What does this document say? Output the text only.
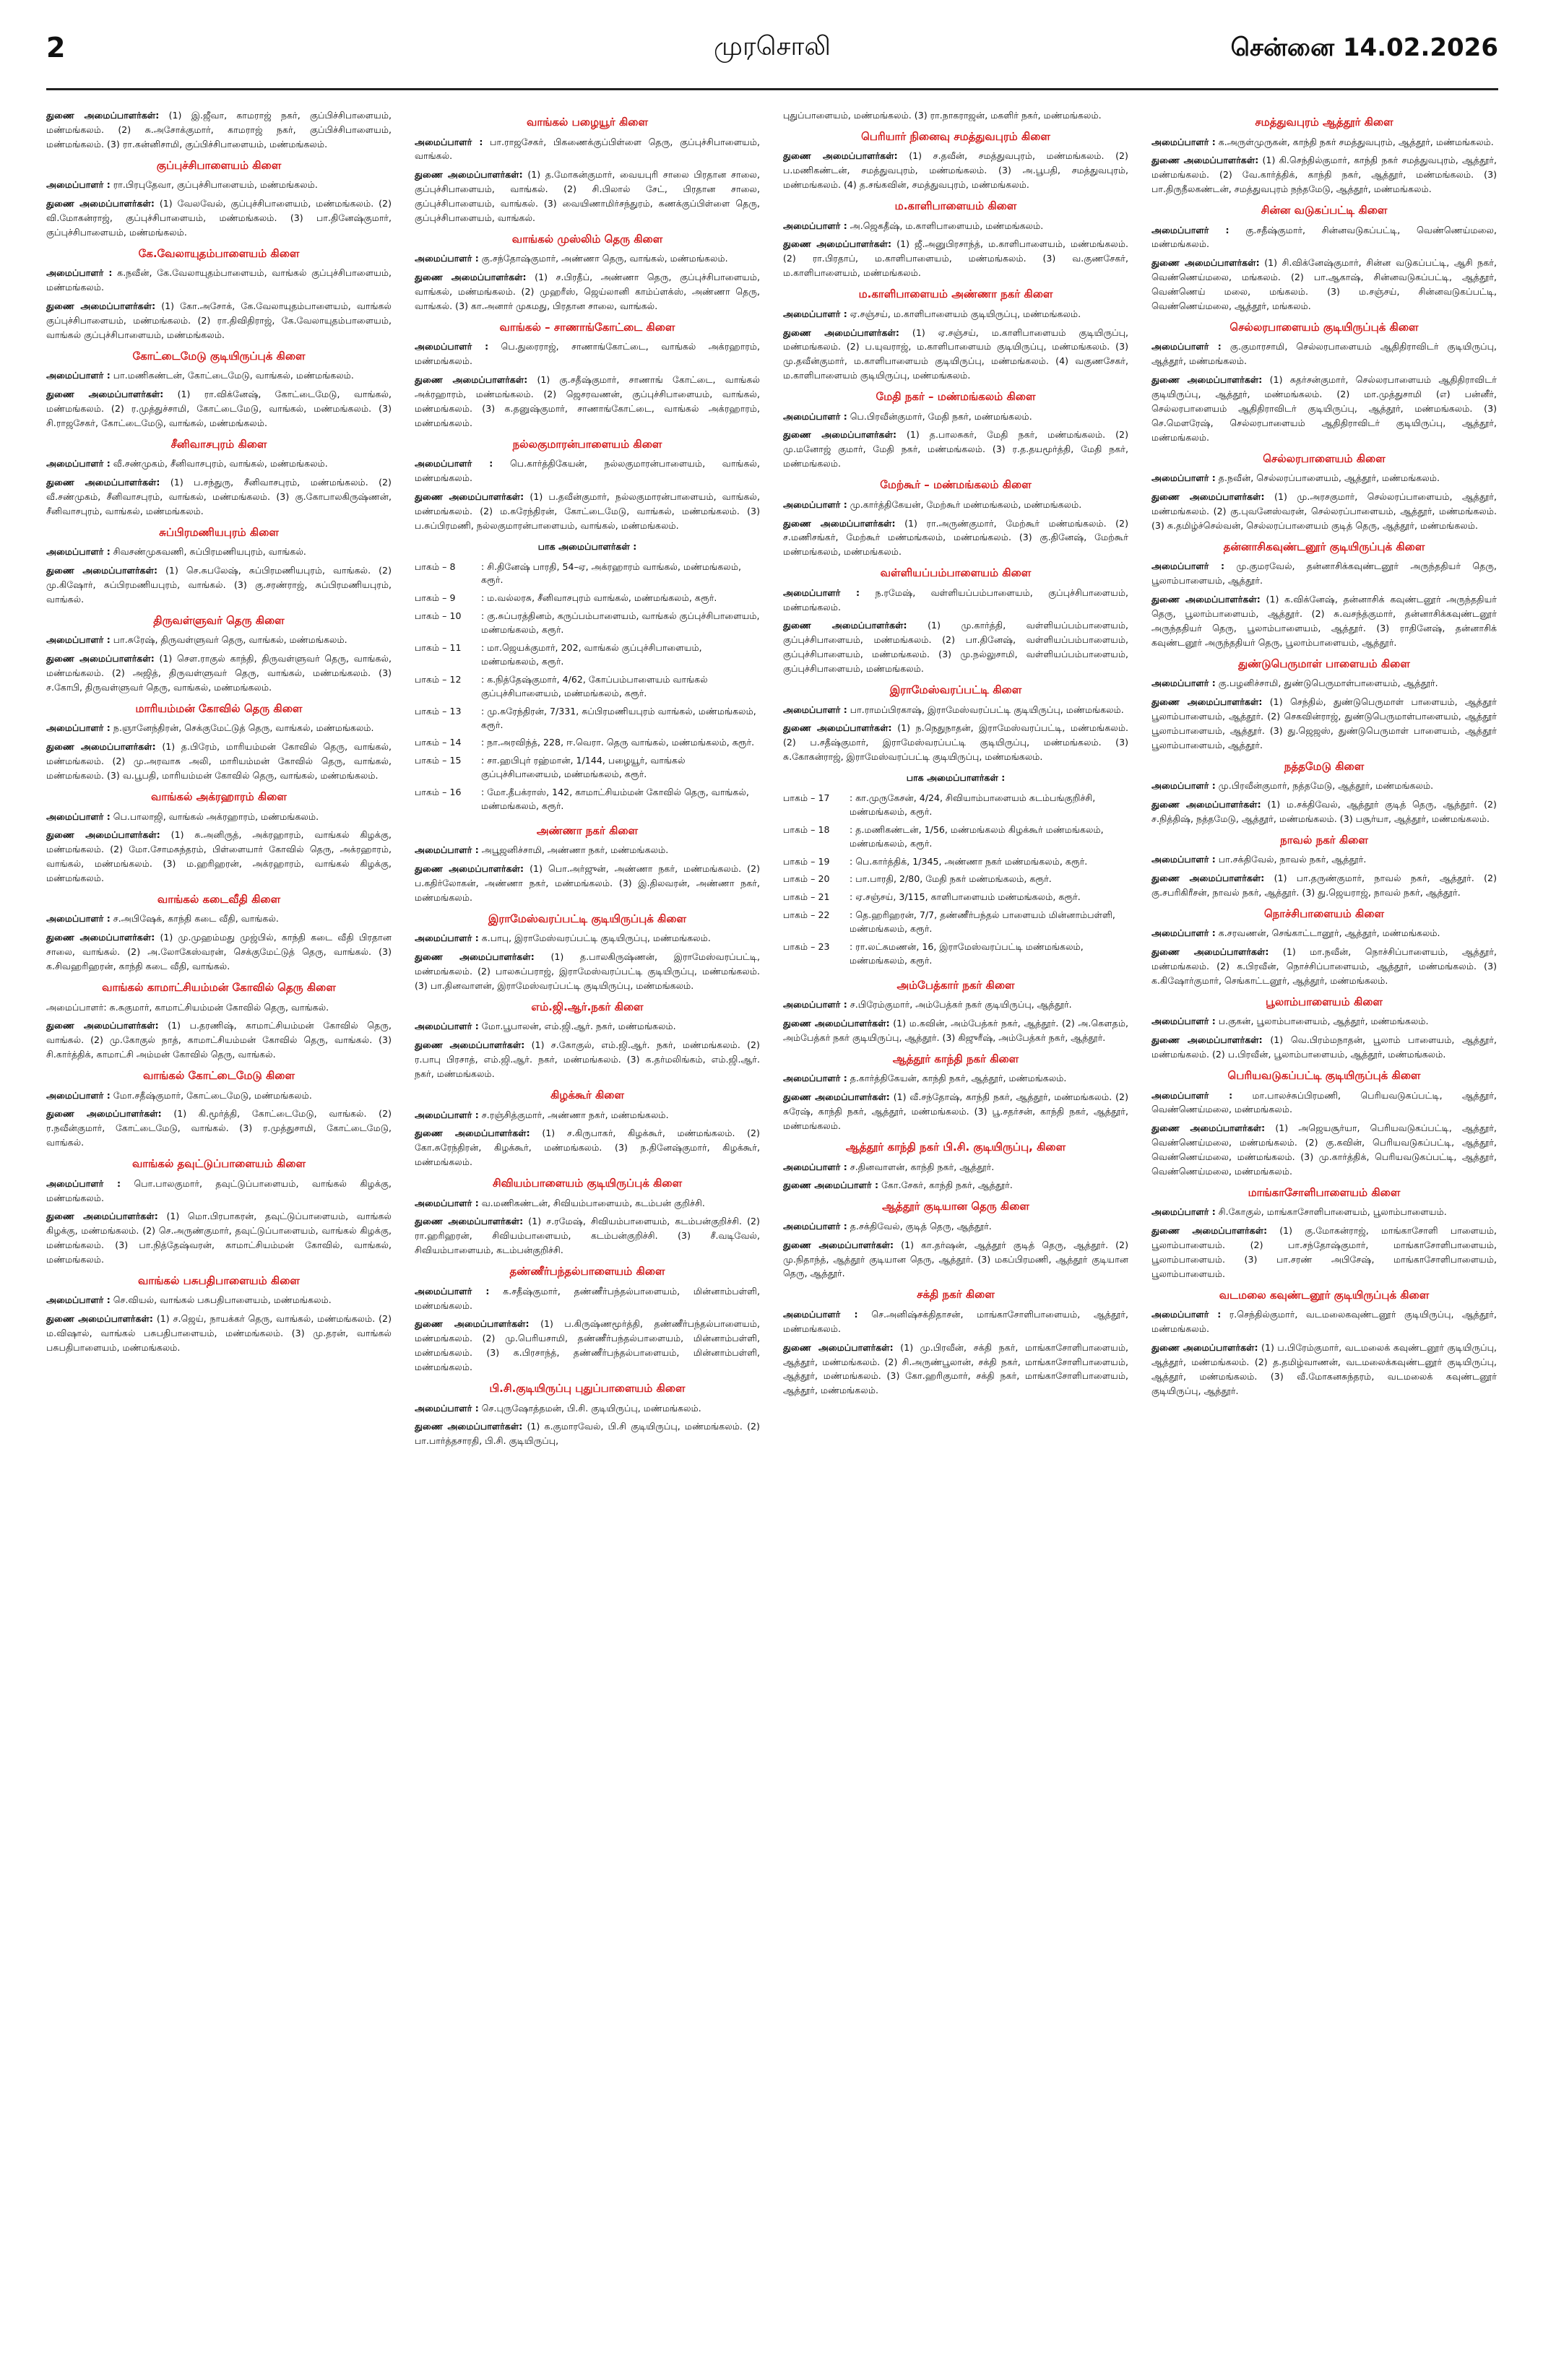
2	முரசொலி	சென்னை 14.02.2026

துணை அமைப்பாளர்கள்: (1) இ.ஜீவா, காமராஜ் நகர், குப்பிச்சிபாளையம், மண்மங்கலம். (2) சு.அசோக்குமார், காமராஜ் நகர், குப்பிச்சிபாளையம், மண்மங்கலம். (3) ரா.கன்னிசாமி, குப்பிச்சிபாளையம், மண்மங்கலம்.

குப்புச்சிபாளையம் கிளை

அமைப்பாளர் : ரா.பிரபுதேவா, குப்புச்சிபாளையம், மண்மங்கலம்.

துணை அமைப்பாளர்கள்: (1) வேலவேல், குப்புச்சிபாளையம், மண்மங்கலம். (2) வி.மோகன்ராஜ், குப்புச்சிபாளையம், மண்மங்கலம். (3) பா.தினேஷ்குமார், குப்புச்சிபாளையம், மண்மங்கலம்.

கே.வேலாயுதம்பாளையம் கிளை

அமைப்பாளர் : க.நவீன், கே.வேலாயுதம்பாளையம், வாங்கல் குப்புச்சிபாளையம், மண்மங்கலம்.

துணை அமைப்பாளர்கள்: (1) கோ.அசோக், கே.வேலாயுதம்பாளையம், வாங்கல் குப்புச்சிபாளையம், மண்மங்கலம். (2) ரா.திவிதிராஜ், கே.வேலாயுதம்பாளையம், வாங்கல் குப்புச்சிபாளையம், மண்மங்கலம்.

கோட்டைமேடு குடியிருப்புக் கிளை

அமைப்பாளர் : பா.மணிகண்டன், கோட்டைமேடு, வாங்கல், மண்மங்கலம்.

துணை அமைப்பாளர்கள்: (1) ரா.விக்னேஷ், கோட்டைமேடு, வாங்கல், மண்மங்கலம். (2) ர.முத்துச்சாமி, கோட்டைமேடு, வாங்கல், மண்மங்கலம். (3) சி.ராஜசேகர், கோட்டைமேடு, வாங்கல், மண்மங்கலம்.

சீனிவாசபுரம் கிளை

அமைப்பாளர் : வீ.சண்முகம், சீனிவாசபுரம், வாங்கல், மண்மங்கலம்.

துணை அமைப்பாளர்கள்: (1) ப.சந்துரு, சீனிவாசபுரம், மண்மங்கலம். (2) வீ.சண்முகம், சீனிவாசபுரம், வாங்கல், மண்மங்கலம். (3) கு.கோபாலகிருஷ்ணன், சீனிவாசபுரம், வாங்கல், மண்மங்கலம்.

சுப்பிரமணியபுரம் கிளை

அமைப்பாளர் : சிவசண்முகவணி, சுப்பிரமணியபுரம், வாங்கல்.

துணை அமைப்பாளர்கள்: (1) செ.சுபலேஷ், சுப்பிரமணியபுரம், வாங்கல். (2) மு.கிஷோர், சுப்பிரமணியபுரம், வாங்கல். (3) கு.சரண்ராஜ், சுப்பிரமணியபுரம், வாங்கல்.

திருவள்ளுவர் தெரு கிளை

அமைப்பாளர் : பா.சுரேஷ், திருவள்ளுவர் தெரு, வாங்கல், மண்மங்கலம்.

துணை அமைப்பாளர்கள்: (1) சௌ.ராகுல் காந்தி, திருவள்ளுவர் தெரு, வாங்கல், மண்மங்கலம். (2) அஜித், திருவள்ளுவர் தெரு, வாங்கல், மண்மங்கலம். (3) ச.கோபி, திருவள்ளுவர் தெரு, வாங்கல், மண்மங்கலம்.

மாரியம்மன் கோவில் தெரு கிளை

அமைப்பாளர் : ந.ஞானேந்திரன், செக்குமேட்டுத் தெரு, வாங்கல், மண்மங்கலம்.

துணை அமைப்பாளர்கள்: (1) த.பிரேம், மாரியம்மன் கோவில் தெரு, வாங்கல், மண்மங்கலம். (2) மு.அரவாசு அலி, மாரியம்மன் கோவில் தெரு, வாங்கல், மண்மங்கலம். (3) வ.பூபதி, மாரியம்மன் கோவில் தெரு, வாங்கல், மண்மங்கலம்.

வாங்கல் அக்ரஹாரம் கிளை

அமைப்பாளர் : பெ.பாலாஜி, வாங்கல் அக்ரஹாரம், மண்மங்கலம்.

துணை அமைப்பாளர்கள்: (1) சு.அனிருத், அக்ரஹாரம், வாங்கல் கிழக்கு, மண்மங்கலம். (2) மோ.சோமசுந்தரம், பிள்ளையார் கோவில் தெரு, அக்ரஹாரம், வாங்கல், மண்மங்கலம். (3) ம.ஹரிஹரன், அக்ரஹாரம், வாங்கல் கிழக்கு, மண்மங்கலம்.

வாங்கல் கடைவீதி கிளை

அமைப்பாளர் : ச.அபிஷேக், காந்தி கடை வீதி, வாங்கல்.

துணை அமைப்பாளர்கள்: (1) மு.முஹம்மது முஜ்பில், காந்தி கடை வீதி பிரதான சாலை, வாங்கல். (2) அ.லோகேஸ்வரன், செக்குமேட்டுத் தெரு, வாங்கல். (3) க.சிவஹரிஹரன், காந்தி கடை வீதி, வாங்கல்.

வாங்கல் காமாட்சியம்மன் கோவில் தெரு கிளை

அமைப்பாளர்: சு.சுகுமார், காமாட்சியம்மன் கோவில் தெரு, வாங்கல்.

துணை அமைப்பாளர்கள்: (1) ப.தரணிஷ், காமாட்சியம்மன் கோவில் தெரு, வாங்கல். (2) மு.கோகுல் நாத், காமாட்சியம்மன் கோவில் தெரு, வாங்கல். (3) சி.கார்த்திக், காமாட்சி அம்மன் கோவில் தெரு, வாங்கல்.

வாங்கல் கோட்டைமேடு கிளை

அமைப்பாளர் : மோ.சதீஷ்குமார், கோட்டைமேடு, மண்மங்கலம்.

துணை அமைப்பாளர்கள்: (1) கி.மூர்த்தி, கோட்டைமேடு, வாங்கல். (2) ர.நவீன்குமார், கோட்டைமேடு, வாங்கல். (3) ர.முத்துசாமி, கோட்டைமேடு, வாங்கல்.

வாங்கல் தவுட்டுப்பாளையம் கிளை

அமைப்பாளர் : பொ.பாலகுமார், தவுட்டுப்பாளையம், வாங்கல் கிழக்கு, மண்மங்கலம்.

துணை அமைப்பாளர்கள்: (1) மொ.பிரபாகரன், தவுட்டுப்பாளையம், வாங்கல் கிழக்கு, மண்மங்கலம். (2) செ.அருண்குமார், தவுட்டுப்பாளையம், வாங்கல் கிழக்கு, மண்மங்கலம். (3) பா.நித்தேஷ்வரன், காமாட்சியம்மன் கோவில், வாங்கல், மண்மங்கலம்.

வாங்கல் பசுபதிபாளையம் கிளை

அமைப்பாளர் : செ.வியல், வாங்கல் பசுபதிபாளையம், மண்மங்கலம்.

துணை அமைப்பாளர்கள்: (1) ச.ஜெய், நாயக்கர் தெரு, வாங்கல், மண்மங்கலம். (2) ம.விஷால், வாங்கல் பசுபதிபாளையம், மண்மங்கலம். (3) மு.தரன், வாங்கல் பசுபதிபாளையம், மண்மங்கலம்.

வாங்கல் பழையூர் கிளை

அமைப்பாளர் : பா.ராஜசேகர், பிகணைக்குப்பிள்ளை தெரு, குப்புச்சிபாளையம், வாங்கல்.

துணை அமைப்பாளர்கள்: (1) த.மோகன்குமார், வையபுரி சாலை பிரதான சாலை, குப்புச்சிபாளையம், வாங்கல். (2) சி.பிலால் சேட், பிரதான சாலை, குப்புச்சிபாளையம், வாங்கல். (3) வையிணாமிர்சந்துரம், கணக்குப்பிள்ளை தெரு, குப்புச்சிபாளையம், வாங்கல்.

வாங்கல் முஸ்லிம் தெரு கிளை

அமைப்பாளர் : கு.சந்தோஷ்குமார், அண்ணா தெரு, வாங்கல், மண்மங்கலம்.

துணை அமைப்பாளர்கள்: (1) ச.பிரதீப், அண்ணா தெரு, குப்புச்சிபாளையம், வாங்கல், மண்மங்கலம். (2) முஹரீஸ், ஜெய்லானி காம்ப்ளக்ஸ், அண்ணா தெரு, வாங்கல். (3) கா.அனார் முகமது, பிரதான சாலை, வாங்கல்.

வாங்கல் – சாணாங்கோட்டை கிளை

அமைப்பாளர் : பெ.துரைராஜ், சாணாங்கோட்டை, வாங்கல் அக்ரஹாரம், மண்மங்கலம்.

துணை அமைப்பாளர்கள்: (1) கு.சதீஷ்குமார், சாணாங் கோட்டை, வாங்கல் அக்ரஹாரம், மண்மங்கலம். (2) ஜெசரவணன், குப்புச்சிபாளையம், வாங்கல், மண்மங்கலம். (3) க.தனுஷ்குமார், சாணாங்கோட்டை, வாங்கல் அக்ரஹாரம், மண்மங்கலம்.

நல்லகுமாரன்பாளையம் கிளை

அமைப்பாளர் : பெ.கார்த்திகேயன், நல்லகுமாரன்பாளையம், வாங்கல், மண்மங்கலம்.

துணை அமைப்பாளர்கள்: (1) ப.தவீன்குமார், நல்லகுமாரன்பாளையம், வாங்கல், மண்மங்கலம். (2) ம.சுரேந்திரன், கோட்டைமேடு, வாங்கல், மண்மங்கலம். (3) ப.சுப்பிரமணி, நல்லகுமாரன்பாளையம், வாங்கல், மண்மங்கலம்.

பாக அமைப்பாளர்கள் :
பாகம் – 8	: சி.தினேஷ் பாரதி, 54–ஏ, அக்ரஹாரம் வாங்கல், மண்மங்கலம், கரூர்.
பாகம் – 9	: ம.வல்லரசு, சீனிவாசபுரம் வாங்கல், மண்மங்கலம், கரூர்.
பாகம் – 10	: கு.சுப்பரத்தினம், கருப்பம்பாளையம், வாங்கல் குப்புச்சிபாளையம், மண்மங்கலம், கரூர்.
பாகம் – 11	: மா.ஜெயக்குமார், 202, வாங்கல் குப்புச்சிபாளையம், மண்மங்கலம், கரூர்.
பாகம் – 12	: க.நித்தேஷ்குமார், 4/62, கோப்பம்பாளையம் வாங்கல் குப்புச்சிபாளையம், மண்மங்கலம், கரூர்.
பாகம் – 13	: மு.சுரேந்திரன், 7/331, சுப்பிரமணியபுரம் வாங்கல், மண்மங்கலம், கரூர்.
பாகம் – 14	: நா.அரவிந்த், 228, ஈ.வெரா. தெரு வாங்கல், மண்மங்கலம், கரூர்.
பாகம் – 15	: சா.ஹபிபுர் ரஹ்மான், 1/144, பழையூர், வாங்கல் குப்புச்சிபாளையம், மண்மங்கலம், கரூர்.
பாகம் – 16	: மோ.தீபக்ராஸ், 142, காமாட்சியம்மன் கோவில் தெரு, வாங்கல், மண்மங்கலம், கரூர்.
அண்ணா நகர் கிளை

அமைப்பாளர் : அபூஜனிச்சாமி, அண்ணா நகர், மண்மங்கலம்.

துணை அமைப்பாளர்கள்: (1) பொ.அர்ஜுன், அண்ணா நகர், மண்மங்கலம். (2) ப.கதிர்லோகன், அண்ணா நகர், மண்மங்கலம். (3) இ.திலவரன், அண்ணா நகர், மண்மங்கலம்.

இராமேஸ்வரப்பட்டி குடியிருப்புக் கிளை

அமைப்பாளர் : க.பாபு, இராமேஸ்வரப்பட்டி குடியிருப்பு, மண்மங்கலம்.

துணை அமைப்பாளர்கள்: (1) த.பாலகிருஷ்ணன், இராமேஸ்வரப்பட்டி, மண்மங்கலம். (2) பாலசுப்பராஜ், இராமேஸ்வரப்பட்டி குடியிருப்பு, மண்மங்கலம். (3) பா.தினவாளன், இராமேஸ்வரப்பட்டி குடியிருப்பு, மண்மங்கலம்.

எம்.ஜி.ஆர்.நகர் கிளை

அமைப்பாளர் : மோ.பூபாலன், எம்.ஜி.ஆர். நகர், மண்மங்கலம்.

துணை அமைப்பாளர்கள்: (1) ச.கோகுல், எம்.ஜி.ஆர். நகர், மண்மங்கலம். (2) ர.பாபு பிரசாத், எம்.ஜி.ஆர். நகர், மண்மங்கலம். (3) க.தர்மலிங்கம், எம்.ஜி.ஆர். நகர், மண்மங்கலம்.

கிழக்கூர் கிளை

அமைப்பாளர் : ச.ரஞ்சித்குமார், அண்ணா நகர், மண்மங்கலம்.

துணை அமைப்பாளர்கள்: (1) ச.கிருபாகர், கிழக்கூர், மண்மங்கலம். (2) கோ.சுரேந்திரன், கிழக்கூர், மண்மங்கலம். (3) ந.தினேஷ்குமார், கிழக்கூர், மண்மங்கலம்.

சிவியம்பாளையம் குடியிருப்புக் கிளை

அமைப்பாளர் : வ.மணிகண்டன், சிவியம்பாளையம், கடம்பன் குறிச்சி.

துணை அமைப்பாளர்கள்: (1) ச.ரமேஷ், சிவியம்பாளையம், கடம்பன்குறிச்சி. (2) ரா.ஹரிஹரன், சிவியம்பாளையம், கடம்பன்குறிச்சி. (3) சீ.வடிவேல், சிவியம்பாளையம், கடம்பன்குறிச்சி.

தண்ணீர்பந்தல்பாளையம் கிளை

அமைப்பாளர் : க.சதீஷ்குமார், தண்ணீர்பந்தல்பாளையம், மின்னாம்பள்ளி, மண்மங்கலம்.

துணை அமைப்பாளர்கள்: (1) ப.கிருஷ்ணமூர்த்தி, தண்ணீர்பந்தல்பாளையம், மண்மங்கலம். (2) மு.பெரியசாமி, தண்ணீர்பந்தல்பாளையம், மின்னாம்பள்ளி, மண்மங்கலம். (3) க.பிரசாந்த், தண்ணீர்பந்தல்பாளையம், மின்னாம்பள்ளி, மண்மங்கலம்.

பி.சி.குடியிருப்பு புதுப்பாளையம் கிளை

அமைப்பாளர் : செ.புருஷோத்தமன், பி.சி. குடியிருப்பு, மண்மங்கலம்.

துணை அமைப்பாளர்கள்: (1) க.குமாரவேல், பி.சி குடியிருப்பு, மண்மங்கலம். (2) பா.பார்த்தசாரதி, பி.சி. குடியிருப்பு,

புதுப்பாளையம், மண்மங்கலம். (3) ரா.நாகராஜன், மகளிர் நகர், மண்மங்கலம்.

பெரியார் நினைவு சமத்துவபுரம் கிளை

துணை அமைப்பாளர்கள்: (1) ச.தவீன், சமத்துவபுரம், மண்மங்கலம். (2) ப.மணிகண்டன், சமத்துவபுரம், மண்மங்கலம். (3) அ.பூபதி, சமத்துவபுரம், மண்மங்கலம். (4) த.சங்கவின், சமத்துவபுரம், மண்மங்கலம்.

ம.காளிபாளையம் கிளை

அமைப்பாளர் : அ.ஜெகதீஷ், ம.காளிபாளையம், மண்மங்கலம்.

துணை அமைப்பாளர்கள்: (1) ஜீ.அனுபிரசாந்த், ம.காளிபாளையம், மண்மங்கலம். (2) ரா.பிரதாப், ம.காளிபாளையம், மண்மங்கலம். (3) வ.குணசேகர், ம.காளிபாளையம், மண்மங்கலம்.

ம.காளிபாளையம் அண்ணா நகர் கிளை

அமைப்பாளர் : ஏ.சஞ்சய், ம.காளிபாளையம் குடியிருப்பு, மண்மங்கலம்.

துணை அமைப்பாளர்கள்: (1) ஏ.சஞ்சய், ம.காளிபாளையம் குடியிருப்பு, மண்மங்கலம். (2) ப.யுவராஜ், ம.காளிபாளையம் குடியிருப்பு, மண்மங்கலம். (3) மு.தவீன்குமார், ம.காளிபாளையம் குடியிருப்பு, மண்மங்கலம். (4) வகுணசேகர், ம.காளிபாளையம் குடியிருப்பு, மண்மங்கலம்.

மேதி நகர் – மண்மங்கலம் கிளை

அமைப்பாளர் : பெ.பிரவீன்குமார், மேதி நகர், மண்மங்கலம்.

துணை அமைப்பாளர்கள்: (1) த.பாலசுகர், மேதி நகர், மண்மங்கலம். (2) மு.மனோஜ் குமார், மேதி நகர், மண்மங்கலம். (3) ர.த.தயமூர்த்தி, மேதி நகர், மண்மங்கலம்.

மேற்கூர் – மண்மங்கலம் கிளை

அமைப்பாளர் : மு.கார்த்திகேயன், மேற்கூர் மண்மங்கலம், மண்மங்கலம்.

துணை அமைப்பாளர்கள்: (1) ரா.அருண்குமார், மேற்கூர் மண்மங்கலம். (2) ச.மணிசங்கர், மேற்கூர் மண்மங்கலம், மண்மங்கலம். (3) கு.தினேஷ், மேற்கூர் மண்மங்கலம், மண்மங்கலம்.

வள்ளியப்பம்பாளையம் கிளை

அமைப்பாளர் : ந.ரமேஷ், வள்ளியப்பம்பாளையம், குப்புச்சிபாளையம், மண்மங்கலம்.

துணை அமைப்பாளர்கள்: (1) மு.கார்த்தி, வள்ளியப்பம்பாளையம், குப்புச்சிபாளையம், மண்மங்கலம். (2) பா.தினேஷ், வள்ளியப்பம்பாளையம், குப்புச்சிபாளையம், மண்மங்கலம். (3) மு.நல்லுசாமி, வள்ளியப்பம்பாளையம், குப்புச்சிபாளையம், மண்மங்கலம்.

இராமேஸ்வரப்பட்டி கிளை

அமைப்பாளர் : பா.ராமப்பிரகாஷ், இராமேஸ்வரப்பட்டி குடியிருப்பு, மண்மங்கலம்.

துணை அமைப்பாளர்கள்: (1) ந.நெதுநாதன், இராமேஸ்வரப்பட்டி, மண்மங்கலம். (2) ப.சதீஷ்குமார், இராமேஸ்வரப்பட்டி குடியிருப்பு, மண்மங்கலம். (3) சு.கோகன்ராஜ், இராமேஸ்வரப்பட்டி குடியிருப்பு, மண்மங்கலம்.

பாக அமைப்பாளர்கள் :
பாகம் – 17	: கா.முருகேசன், 4/24, சிவியாம்பாளையம் கடம்பங்குறிச்சி, மண்மங்கலம், கரூர்.
பாகம் – 18	: த.மணிகண்டன், 1/56, மண்மங்கலம் கிழக்கூர் மண்மங்கலம், மண்மங்கலம், கரூர்.
பாகம் – 19	: பெ.கார்த்திக், 1/345, அண்ணா நகர் மண்மங்கலம், கரூர்.
பாகம் – 20	: பா.பாரதி, 2/80, மேதி நகர் மண்மங்கலம், கரூர்.
பாகம் – 21	: ஏ.சஞ்சய், 3/115, காளிபாளையம் மண்மங்கலம், கரூர்.
பாகம் – 22	: தெ.ஹரிஹரன், 7/7, தண்ணீர்பந்தல் பாளையம் மின்னாம்பள்ளி, மண்மங்கலம், கரூர்.
பாகம் – 23	: ரா.லட்சுமணன், 16, இராமேஸ்வரப்பட்டி மண்மங்கலம், மண்மங்கலம், கரூர்.
அம்பேத்கார் நகர் கிளை

அமைப்பாளர் : ச.பிரேம்குமார், அம்பேத்கர் நகர் குடியிருப்பு, ஆத்தூர்.

துணை அமைப்பாளர்கள்: (1) ம.கவின், அம்பேத்கர் நகர், ஆத்தூர். (2) அ.கௌதம், அம்பேத்கர் நகர் குடியிருப்பு, ஆத்தூர். (3) கிஜுரீஷ், அம்பேத்கர் நகர், ஆத்தூர்.

ஆத்தூர் காந்தி நகர் கிளை

அமைப்பாளர் : த.கார்த்திகேயன், காந்தி நகர், ஆத்தூர், மண்மங்கலம்.

துணை அமைப்பாளர்கள்: (1) வீ.சந்தோஷ், காந்தி நகர், ஆத்தூர், மண்மங்கலம். (2) சுரேஷ், காந்தி நகர், ஆத்தூர், மண்மங்கலம். (3) பூ.சதர்சன், காந்தி நகர், ஆத்தூர், மண்மங்கலம்.

ஆத்தூர் காந்தி நகர் பி.சி. குடியிருப்பு, கிளை

அமைப்பாளர் : ச.தினவாளன், காந்தி நகர், ஆத்தூர்.

துணை அமைப்பாளர் : கோ.சேகர், காந்தி நகர், ஆத்தூர்.

ஆத்தூர் குடியான தெரு கிளை

அமைப்பாளர் : த.சக்திவேல், குடித் தெரு, ஆத்தூர்.

துணை அமைப்பாளர்கள்: (1) கா.தர்ஷன், ஆத்தூர் குடித் தெரு, ஆத்தூர். (2) மு.நிதாந்த், ஆத்தூர் குடியான தெரு, ஆத்தூர். (3) மகப்பிரமணி, ஆத்தூர் குடியான தெரு, ஆத்தூர்.

சக்தி நகர் கிளை

அமைப்பாளர் : செ.அனிஷ்சக்திதாசன், மாங்காசோளிபாளையம், ஆத்தூர், மண்மங்கலம்.

துணை அமைப்பாளர்கள்: (1) மு.பிரவீன், சக்தி நகர், மாங்காசோளிபாளையம், ஆத்தூர், மண்மங்கலம். (2) சி.அருண்பூலான், சக்தி நகர், மாங்காசோளிபாளையம், ஆத்தூர், மண்மங்கலம். (3) கோ.ஹரிகுமார், சக்தி நகர், மாங்காசோளிபாளையம், ஆத்தூர், மண்மங்கலம்.

சமத்துவபுரம் ஆத்தூர் கிளை

அமைப்பாளர் : க.அருள்முருகன், காந்தி நகர் சமத்துவபுரம், ஆத்தூர், மண்மங்கலம்.

துணை அமைப்பாளர்கள்: (1) கி.செந்தில்குமார், காந்தி நகர் சமத்துவபுரம், ஆத்தூர், மண்மங்கலம். (2) வே.கார்த்திக், காந்தி நகர், ஆத்தூர், மண்மங்கலம். (3) பா.திருநீலகண்டன், சமத்துவபுரம் நந்தமேடு, ஆத்தூர், மண்மங்கலம்.

சின்ன வடுகப்பட்டி கிளை

அமைப்பாளர் : கு.சதீஷ்குமார், சின்னவடுகப்பட்டி, வெண்ணெய்மலை, மண்மங்கலம்.

துணை அமைப்பாளர்கள்: (1) சி.விக்னேஷ்குமார், சின்ன வடுகப்பட்டி, ஆசி நகர், வெண்ணெய்மலை, மங்கலம். (2) பா.ஆகாஷ், சின்னவடுகப்பட்டி, ஆத்தூர், வெண்ணெய் மலை, மங்கலம். (3) ம.சஞ்சய், சின்னவடுகப்பட்டி, வெண்ணெய்மலை, ஆத்தூர், மங்கலம்.

செல்லரபாளையம் குடியிருப்புக் கிளை

அமைப்பாளர் : கு.குமாரசாமி, செல்லரபாளையம் ஆதிதிராவிடர் குடியிருப்பு, ஆத்தூர், மண்மங்கலம்.

துணை அமைப்பாளர்கள்: (1) சுதர்சன்குமார், செல்லரபாளையம் ஆதிதிராவிடர் குடியிருப்பு, ஆத்தூர், மண்மங்கலம். (2) மா.முத்துசாமி (எ) பன்னீர், செல்லரபாளையம் ஆதிதிராவிடர் குடியிருப்பு, ஆத்தூர், மண்மங்கலம். (3) செ.மௌரேஷ், செல்லரபாளையம் ஆதிதிராவிடர் குடியிருப்பு, ஆத்தூர், மண்மங்கலம்.

செல்லரபாளையம் கிளை

அமைப்பாளர் : த.நவீன், செல்லரப்பாளையம், ஆத்தூர், மண்மங்கலம்.

துணை அமைப்பாளர்கள்: (1) மு.அரசகுமார், செல்லரப்பாளையம், ஆத்தூர், மண்மங்கலம். (2) கு.புவனேஸ்வரன், செல்லரப்பாளையம், ஆத்தூர், மண்மங்கலம். (3) சு.தமிழ்ச்செல்வன், செல்லரப்பாளையம் குடித் தெரு, ஆத்தூர், மண்மங்கலம்.

தன்னாசிகவுண்டனூர் குடியிருப்புக் கிளை

அமைப்பாளர் : மு.குமரவேல், தன்னாசிக்கவுண்டனூர் அருந்ததியர் தெரு, பூலாம்பாளையம், ஆத்தூர்.

துணை அமைப்பாளர்கள்: (1) க.விக்னேஷ், தன்னாசிக் கவுண்டனூர் அருந்ததியர் தெரு, பூலாம்பாளையம், ஆத்தூர். (2) சு.வசந்த்குமார், தன்னாசிக்கவுண்டனூர் அருந்ததியர் தெரு, பூலாம்பாளையம், ஆத்தூர். (3) ராதினேஷ், தன்னாசிக் கவுண்டனூர் அருந்ததியர் தெரு, பூலாம்பாளையம், ஆத்தூர்.

துண்டுபெருமாள் பாளையம் கிளை

அமைப்பாளர் : கு.பழனிச்சாமி, துண்டுபெருமாள்பாளையம், ஆத்தூர்.

துணை அமைப்பாளர்கள்: (1) செந்தில், துண்டுபெருமாள் பாளையம், ஆத்தூர் பூலாம்பாளையம், ஆத்தூர். (2) செகவின்ராஜ், துண்டுபெருமாள்பாளையம், ஆத்தூர் பூலாம்பாளையம், ஆத்தூர். (3) து.ஜெஜஸ், துண்டுபெருமாள் பாளையம், ஆத்தூர் பூலாம்பாளையம், ஆத்தூர்.

நத்தமேடு கிளை

அமைப்பாளர் : மு.பிரவீன்குமார், நத்தமேடு, ஆத்தூர், மண்மங்கலம்.

துணை அமைப்பாளர்கள்: (1) ம.சக்திவேல், ஆத்தூர் குடித் தெரு, ஆத்தூர். (2) ச.நித்திஷ், நத்தமேடு, ஆத்தூர், மண்மங்கலம். (3) பசூர்யா, ஆத்தூர், மண்மங்கலம்.

நாவல் நகர் கிளை

அமைப்பாளர் : பா.சக்திவேல், நாவல் நகர், ஆத்தூர்.

துணை அமைப்பாளர்கள்: (1) பா.தருண்குமார், நாவல் நகர், ஆத்தூர். (2) கு.சபரிகிரீசன், நாவல் நகர், ஆத்தூர். (3) து.ஜெயராஜ், நாவல் நகர், ஆத்தூர்.

நொச்சிபாளையம் கிளை

அமைப்பாளர் : க.சரவணன், செங்காட்டானூர், ஆத்தூர், மண்மங்கலம்.

துணை அமைப்பாளர்கள்: (1) மா.நவீன், நொச்சிப்பாளையம், ஆத்தூர், மண்மங்கலம். (2) க.பிரவீன், நொச்சிப்பாளையம், ஆத்தூர், மண்மங்கலம். (3) க.கிஷோர்குமார், செங்காட்டனூர், ஆத்தூர், மண்மங்கலம்.

பூலாம்பாளையம் கிளை

அமைப்பாளர் : ப.குகன், பூலாம்பாளையம், ஆத்தூர், மண்மங்கலம்.

துணை அமைப்பாளர்கள்: (1) வெ.பிரம்மநாதன், பூலாம் பாளையம், ஆத்தூர், மண்மங்கலம். (2) ப.பிரவீன், பூலாம்பாளையம், ஆத்தூர், மண்மங்கலம்.

பெரியவடுகப்பட்டி குடியிருப்புக் கிளை

அமைப்பாளர் : மா.பாலச்சுப்பிரமணி, பெரியவடுகப்பட்டி, ஆத்தூர், வெண்ணெய்மலை, மண்மங்கலம்.

துணை அமைப்பாளர்கள்: (1) அஜெயசூர்யா, பெரியவடுகப்பட்டி, ஆத்தூர், வெண்ணெய்மலை, மண்மங்கலம். (2) கு.கவின், பெரியவடுகப்பட்டி, ஆத்தூர், வெண்ணெய்மலை, மண்மங்கலம். (3) மு.கார்த்திக், பெரியவடுகப்பட்டி, ஆத்தூர், வெண்ணெய்மலை, மண்மங்கலம்.

மாங்காசோளிபாளையம் கிளை

அமைப்பாளர் : சி.கோகுல், மாங்காசோளிபாளையம், பூலாம்பாளையம்.

துணை அமைப்பாளர்கள்: (1) கு.மோகன்ராஜ், மாங்காசோளி பாளையம், பூலாம்பாளையம். (2) பா.சந்தோஷ்குமார், மாங்காசோளிபாளையம், பூலாம்பாளையம். (3) பா.சரண் அபிசேஷ், மாங்காசோளிபாளையம், பூலாம்பாளையம்.

வடமலை கவுண்டனூர் குடியிருப்புக் கிளை

அமைப்பாளர் : ர.செந்தில்குமார், வடமலைகவுண்டனூர் குடியிருப்பு, ஆத்தூர், மண்மங்கலம்.

துணை அமைப்பாளர்கள்: (1) ப.பிரேம்குமார், வடமலைக் கவுண்டனூர் குடியிருப்பு, ஆத்தூர், மண்மங்கலம். (2) த.தமிழ்வாணன், வடமலைக்கவுண்டனூர் குடியிருப்பு, ஆத்தூர், மண்மங்கலம். (3) வீ.மோகனசுந்தரம், வடமலைக் கவுண்டனூர் குடியிருப்பு, ஆத்தூர்.
